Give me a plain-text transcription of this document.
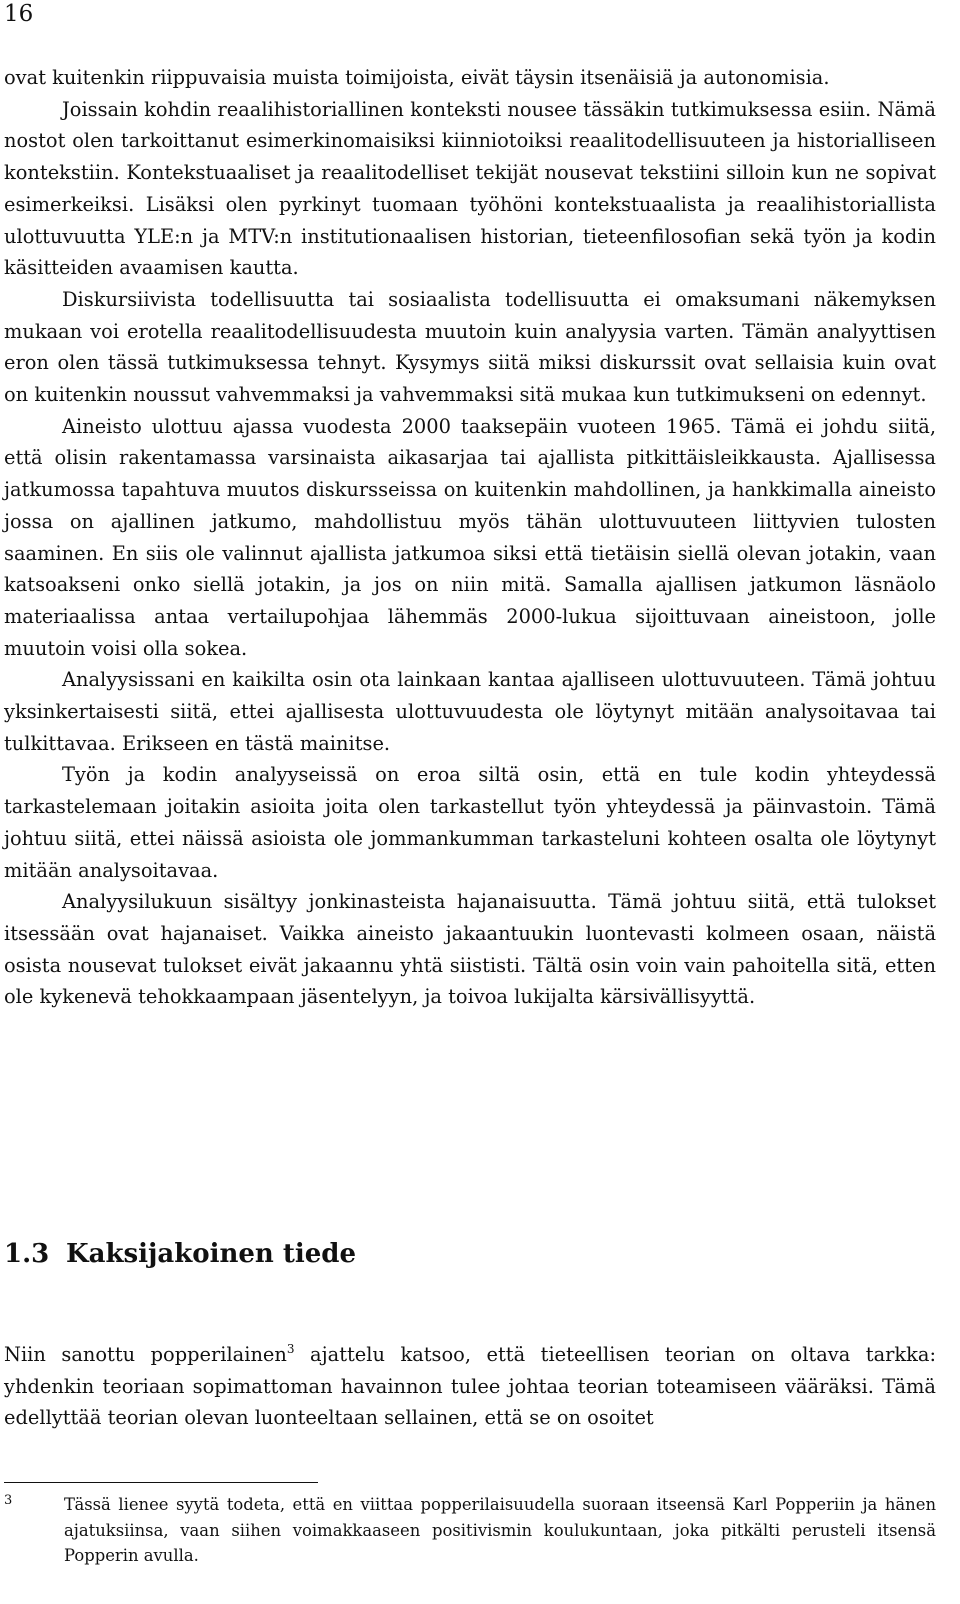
16

ovat kuitenkin riippuvaisia muista toimijoista, eivät täysin itsenäisiä ja autonomisia.

Joissain kohdin reaalihistoriallinen konteksti nousee tässäkin tutkimuksessa esiin. Nämä nostot olen tarkoittanut esimerkinomaisiksi kiinniotoiksi reaalitodellisuuteen ja historialliseen kontekstiin. Kontekstuaaliset ja reaalitodelliset tekijät nousevat tekstiini silloin kun ne sopivat esimerkeiksi. Lisäksi olen pyrkinyt tuomaan työhöni kontekstuaalista ja reaalihistoriallista ulottuvuutta YLE:n ja MTV:n institutionaalisen historian, tieteenfilosofian sekä työn ja kodin käsitteiden avaamisen kautta.

Diskursiivista todellisuutta tai sosiaalista todellisuutta ei omaksumani näkemyksen mukaan voi erotella reaalitodellisuudesta muutoin kuin analyysia varten. Tämän analyyttisen eron olen tässä tutkimuksessa tehnyt. Kysymys siitä miksi diskurssit ovat sellaisia kuin ovat on kuitenkin noussut vahvemmaksi ja vahvemmaksi sitä mukaa kun tutkimukseni on edennyt.

Aineisto ulottuu ajassa vuodesta 2000 taaksepäin vuoteen 1965. Tämä ei johdu siitä, että olisin rakentamassa varsinaista aikasarjaa tai ajallista pitkittäisleikkausta. Ajallisessa jatkumossa tapahtuva muutos diskursseissa on kuitenkin mahdollinen, ja hankkimalla aineisto jossa on ajallinen jatkumo, mahdollistuu myös tähän ulottuvuuteen liittyvien tulosten saaminen. En siis ole valinnut ajallista jatkumoa siksi että tietäisin siellä olevan jotakin, vaan katsoakseni onko siellä jotakin, ja jos on niin mitä. Samalla ajallisen jatkumon läsnäolo materiaalissa antaa vertailupohjaa lähemmäs 2000-lukua sijoittuvaan aineistoon, jolle muutoin voisi olla sokea.

Analyysissani en kaikilta osin ota lainkaan kantaa ajalliseen ulottuvuuteen. Tämä johtuu yksinkertaisesti siitä, ettei ajallisesta ulottuvuudesta ole löytynyt mitään analysoitavaa tai tulkittavaa. Erikseen en tästä mainitse.

Työn ja kodin analyyseissä on eroa siltä osin, että en tule kodin yhteydessä tarkastelemaan joitakin asioita joita olen tarkastellut työn yhteydessä ja päinvastoin. Tämä johtuu siitä, ettei näissä asioista ole jommankumman tarkasteluni kohteen osalta ole löytynyt mitään analysoitavaa.

Analyysilukuun sisältyy jonkinasteista hajanaisuutta. Tämä johtuu siitä, että tulokset itsessään ovat hajanaiset. Vaikka aineisto jakaantuukin luontevasti kolmeen osaan, näistä osista nousevat tulokset eivät jakaannu yhtä siististi. Tältä osin voin vain pahoitella sitä, etten ole kykenevä tehokkaampaan jäsentelyyn, ja toivoa lukijalta kärsivällisyyttä.

1.3 Kaksijakoinen tiede

Niin sanottu popperilainen$^3$ ajattelu katsoo, että tieteellisen teorian on oltava tarkka: yhdenkin teoriaan sopimattoman havainnon tulee johtaa teorian toteamiseen vääräksi. Tämä edellyttää teorian olevan luonteeltaan sellainen, että se on osoitet

3	Tässä lienee syytä todeta, että en viittaa popperilaisuudella suoraan itseensä Karl Popperiin ja hänen ajatuksiinsa, vaan siihen voimakkaaseen positivismin koulukuntaan, joka pitkälti perusteli itsensä Popperin avulla.
